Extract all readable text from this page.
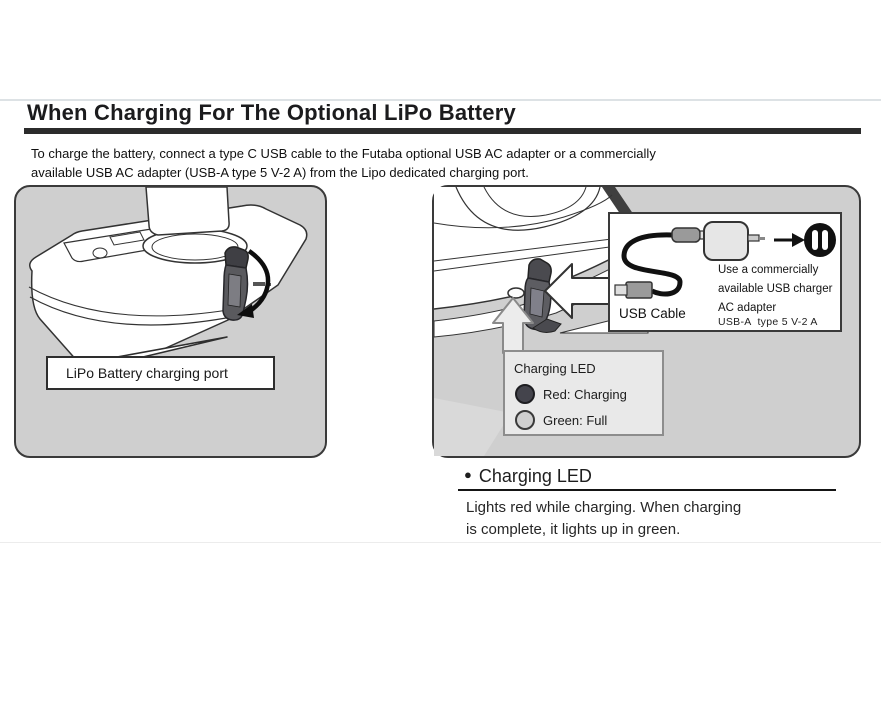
When Charging For The Optional LiPo Battery
To charge the battery, connect a type C USB cable to the Futaba optional USB AC adapter or a commercially
available USB AC adapter (USB-A type 5 V-2 A) from the Lipo dedicated charging port.
LiPo Battery charging port
USB Cable
Use a commercially
available USB charger
AC adapter
USB-A  type 5 V-2 A
Charging LED
Red: Charging
Green: Full
● Charging LED
Lights red while charging. When charging
is complete, it lights up in green.
